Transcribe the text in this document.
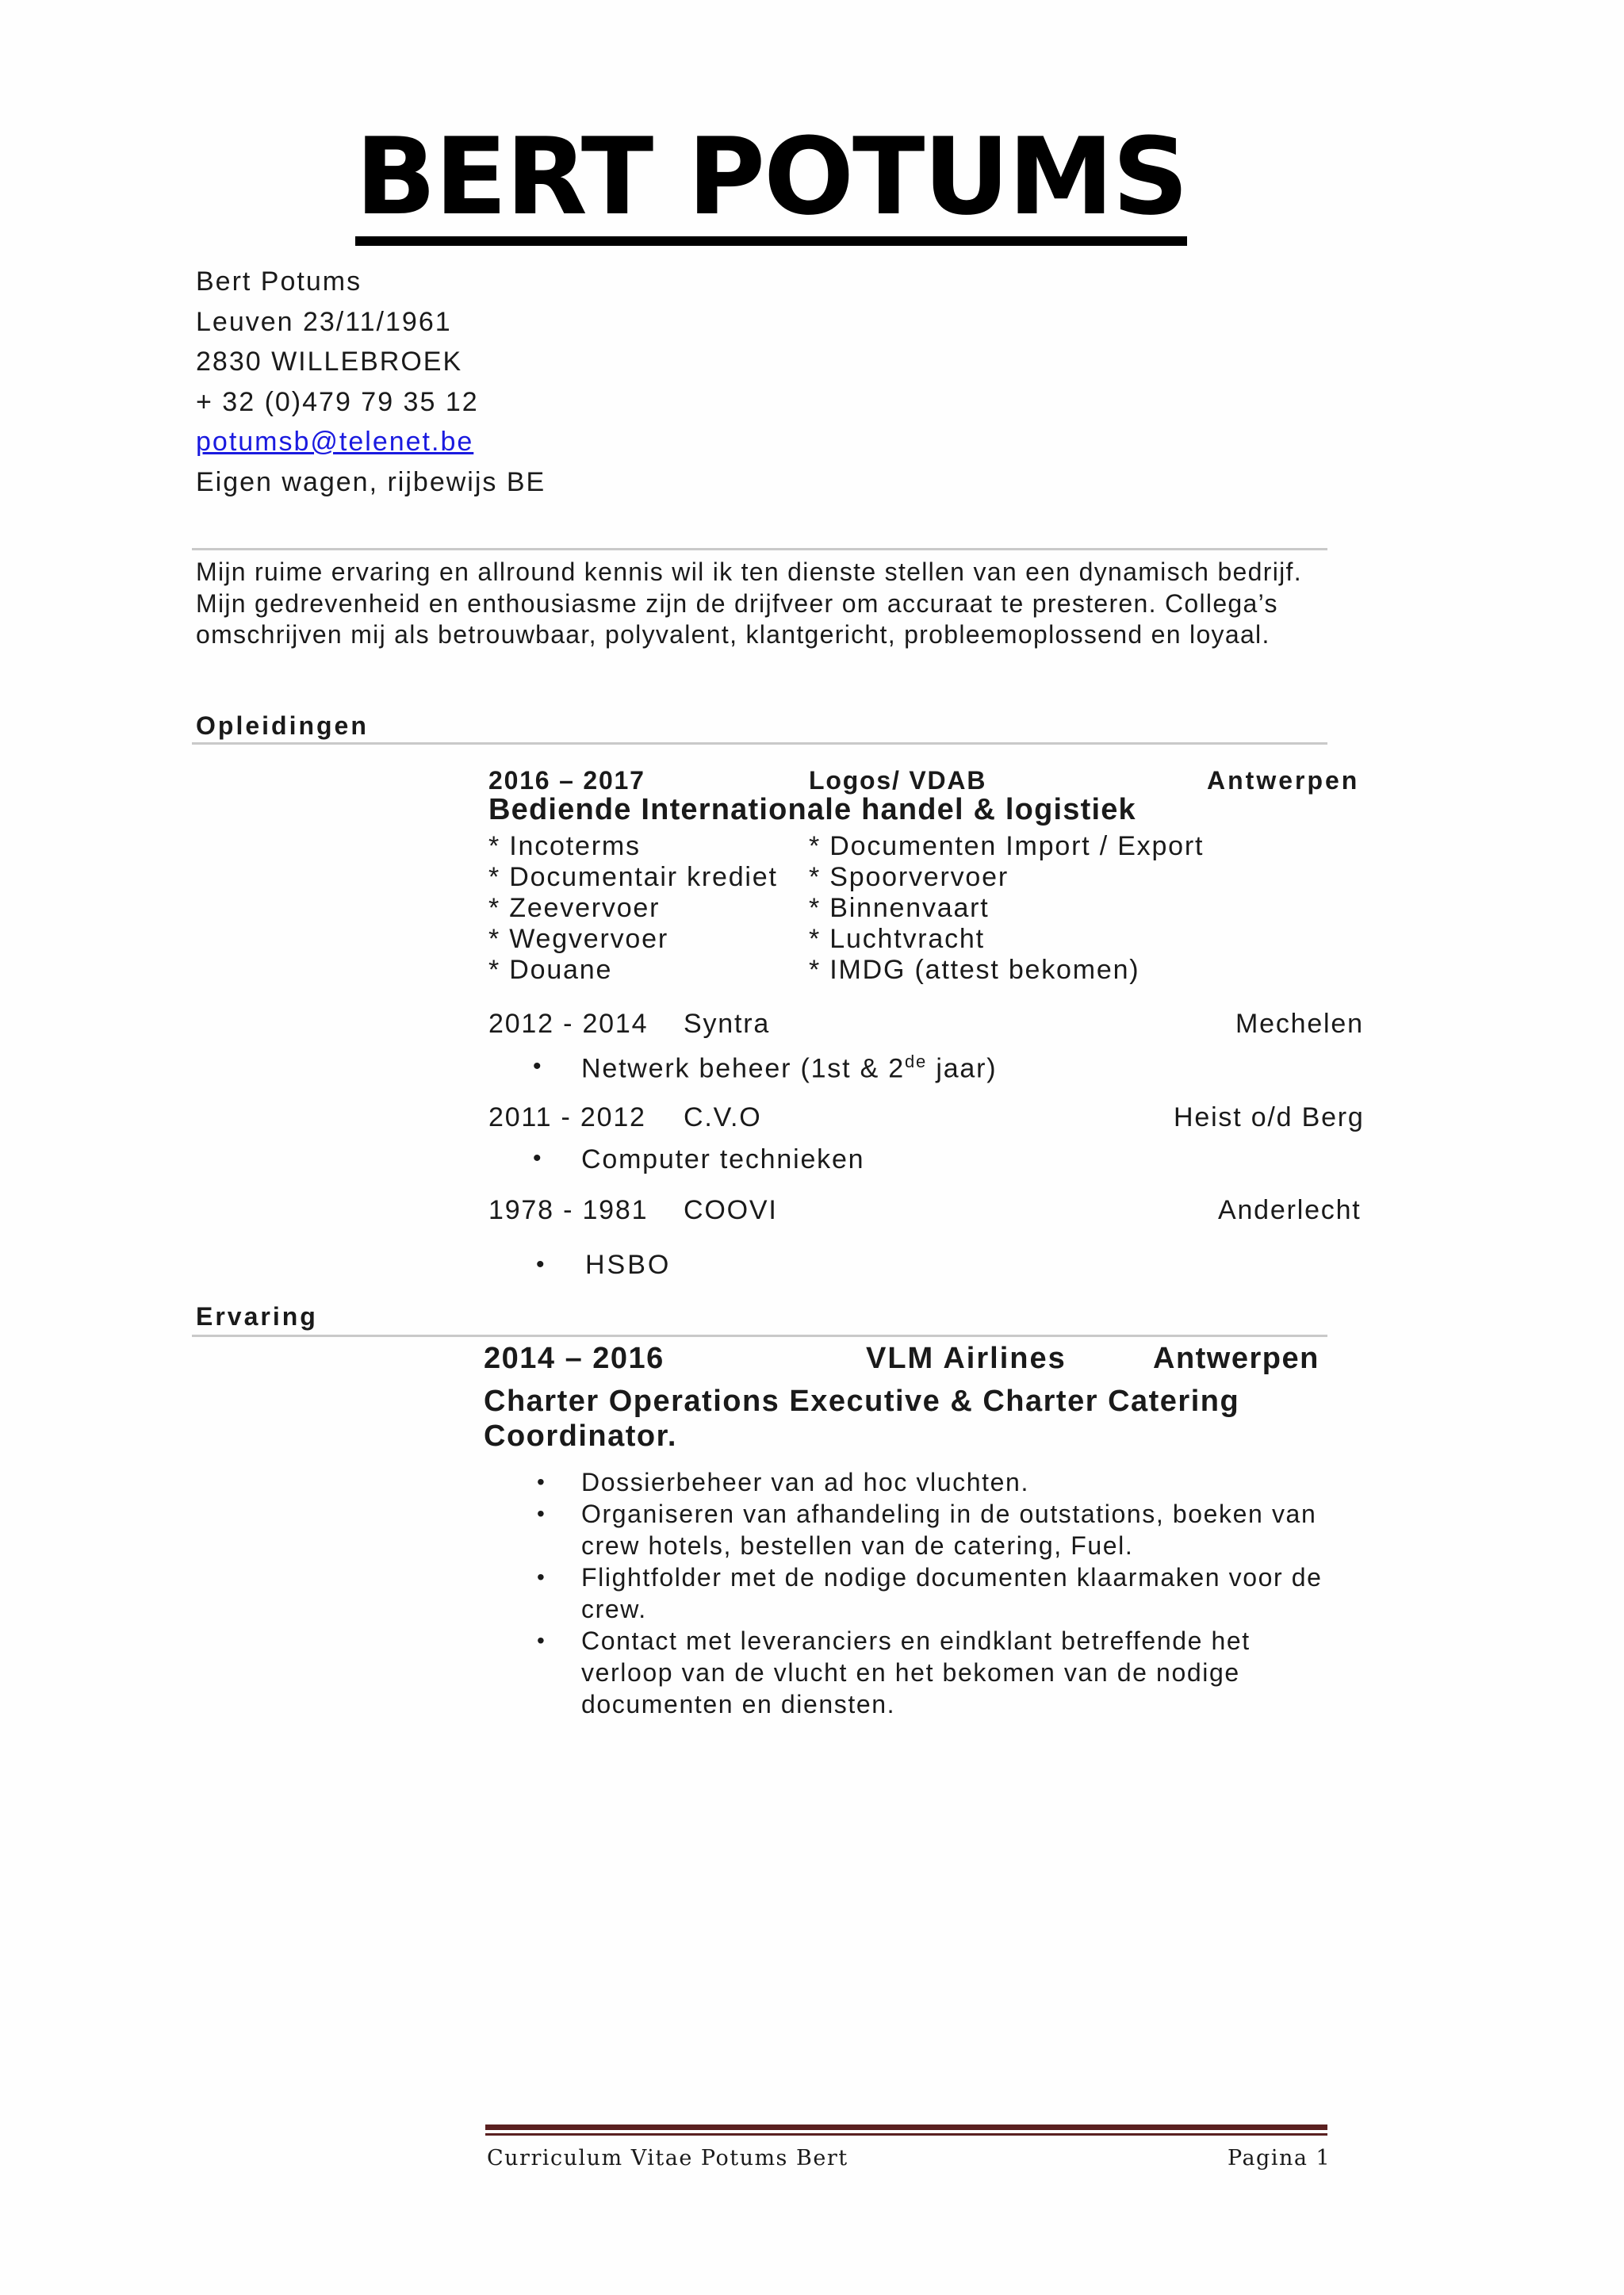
BERT POTUMS
Bert Potums
Leuven 23/11/1961
2830 WILLEBROEK
+ 32 (0)479 79 35 12
potumsb@telenet.be
Eigen wagen, rijbewijs BE
Mijn ruime ervaring en allround kennis wil ik ten dienste stellen van een dynamisch bedrijf. Mijn gedrevenheid en enthousiasme zijn de drijfveer om accuraat te presteren. Collega’s omschrijven mij als betrouwbaar, polyvalent, klantgericht, probleemoplossend en loyaal.
Opleidingen
2016 – 2017	Logos/ VDAB	Antwerpen
Bediende Internationale handel & logistiek
* Incoterms
* Documentair krediet
* Zeevervoer
* Wegvervoer
* Douane
* Documenten Import / Export
* Spoorvervoer
* Binnenvaart
* Luchtvracht
* IMDG (attest bekomen)
2012 - 2014 Syntra	Mechelen
• Netwerk beheer (1st & 2de jaar)
2011 - 2012 C.V.O	Heist o/d Berg
• Computer technieken
1978 - 1981 COOVI	Anderlecht
• HSBO
Ervaring
2014 – 2016	VLM Airlines	Antwerpen
Charter Operations Executive & Charter Catering
Coordinator.
• Dossierbeheer van ad hoc vluchten.
• Organiseren van afhandeling in de outstations, boeken van crew hotels, bestellen van de catering, Fuel.
• Flightfolder met de nodige documenten klaarmaken voor de crew.
• Contact met leveranciers en eindklant betreffende het verloop van de vlucht en het bekomen van de nodige documenten en diensten.
Curriculum Vitae Potums Bert	Pagina 1
